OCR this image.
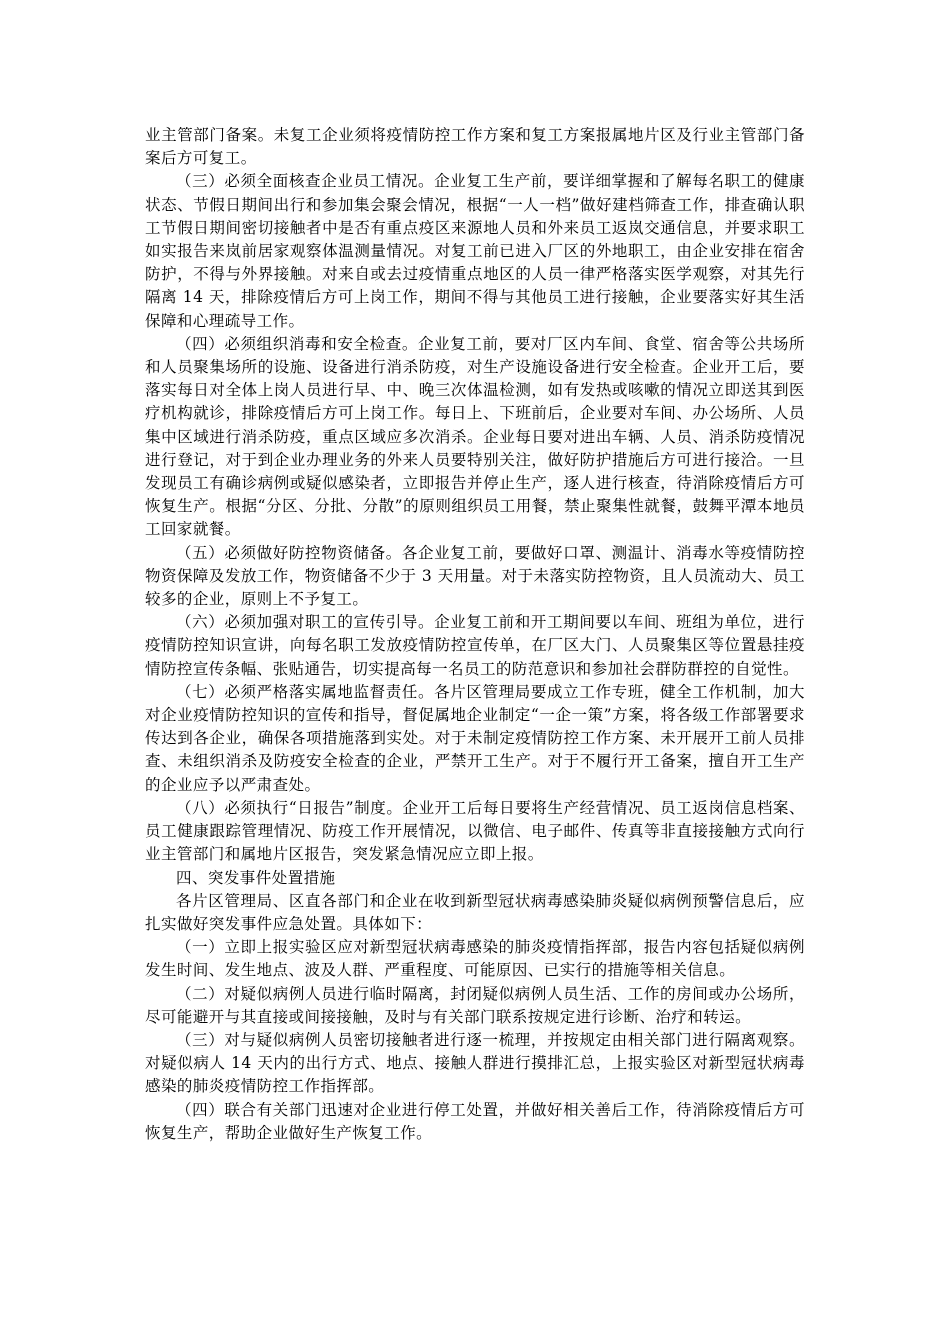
业主管部门备案。未复工企业须将疫情防控工作方案和复工方案报属地片区及行业主管部门备案后方可复工。

（三）必须全面核查企业员工情况。企业复工生产前，要详细掌握和了解每名职工的健康状态、节假日期间出行和参加集会聚会情况，根据“一人一档”做好建档筛查工作，排查确认职工节假日期间密切接触者中是否有重点疫区来源地人员和外来员工返岚交通信息，并要求职工如实报告来岚前居家观察体温测量情况。对复工前已进入厂区的外地职工，由企业安排在宿舍防护，不得与外界接触。对来自或去过疫情重点地区的人员一律严格落实医学观察，对其先行隔离 14 天，排除疫情后方可上岗工作，期间不得与其他员工进行接触，企业要落实好其生活保障和心理疏导工作。

（四）必须组织消毒和安全检查。企业复工前，要对厂区内车间、食堂、宿舍等公共场所和人员聚集场所的设施、设备进行消杀防疫，对生产设施设备进行安全检查。企业开工后，要落实每日对全体上岗人员进行早、中、晚三次体温检测，如有发热或咳嗽的情况立即送其到医疗机构就诊，排除疫情后方可上岗工作。每日上、下班前后，企业要对车间、办公场所、人员集中区域进行消杀防疫，重点区域应多次消杀。企业每日要对进出车辆、人员、消杀防疫情况进行登记，对于到企业办理业务的外来人员要特别关注，做好防护措施后方可进行接洽。一旦发现员工有确诊病例或疑似感染者，立即报告并停止生产，逐人进行核查，待消除疫情后方可恢复生产。根据“分区、分批、分散”的原则组织员工用餐，禁止聚集性就餐，鼓舞平潭本地员工回家就餐。

（五）必须做好防控物资储备。各企业复工前，要做好口罩、测温计、消毒水等疫情防控物资保障及发放工作，物资储备不少于 3 天用量。对于未落实防控物资，且人员流动大、员工较多的企业，原则上不予复工。

（六）必须加强对职工的宣传引导。企业复工前和开工期间要以车间、班组为单位，进行疫情防控知识宣讲，向每名职工发放疫情防控宣传单，在厂区大门、人员聚集区等位置悬挂疫情防控宣传条幅、张贴通告，切实提高每一名员工的防范意识和参加社会群防群控的自觉性。

（七）必须严格落实属地监督责任。各片区管理局要成立工作专班，健全工作机制，加大对企业疫情防控知识的宣传和指导，督促属地企业制定“一企一策”方案，将各级工作部署要求传达到各企业，确保各项措施落到实处。对于未制定疫情防控工作方案、未开展开工前人员排查、未组织消杀及防疫安全检查的企业，严禁开工生产。对于不履行开工备案，擅自开工生产的企业应予以严肃查处。

（八）必须执行“日报告”制度。企业开工后每日要将生产经营情况、员工返岗信息档案、员工健康跟踪管理情况、防疫工作开展情况，以微信、电子邮件、传真等非直接接触方式向行业主管部门和属地片区报告，突发紧急情况应立即上报。

四、突发事件处置措施

各片区管理局、区直各部门和企业在收到新型冠状病毒感染肺炎疑似病例预警信息后，应扎实做好突发事件应急处置。具体如下：

（一）立即上报实验区应对新型冠状病毒感染的肺炎疫情指挥部，报告内容包括疑似病例发生时间、发生地点、波及人群、严重程度、可能原因、已实行的措施等相关信息。

（二）对疑似病例人员进行临时隔离，封闭疑似病例人员生活、工作的房间或办公场所，尽可能避开与其直接或间接接触，及时与有关部门联系按规定进行诊断、治疗和转运。

（三）对与疑似病例人员密切接触者进行逐一梳理，并按规定由相关部门进行隔离观察。对疑似病人 14 天内的出行方式、地点、接触人群进行摸排汇总，上报实验区对新型冠状病毒感染的肺炎疫情防控工作指挥部。

（四）联合有关部门迅速对企业进行停工处置，并做好相关善后工作，待消除疫情后方可恢复生产，帮助企业做好生产恢复工作。
